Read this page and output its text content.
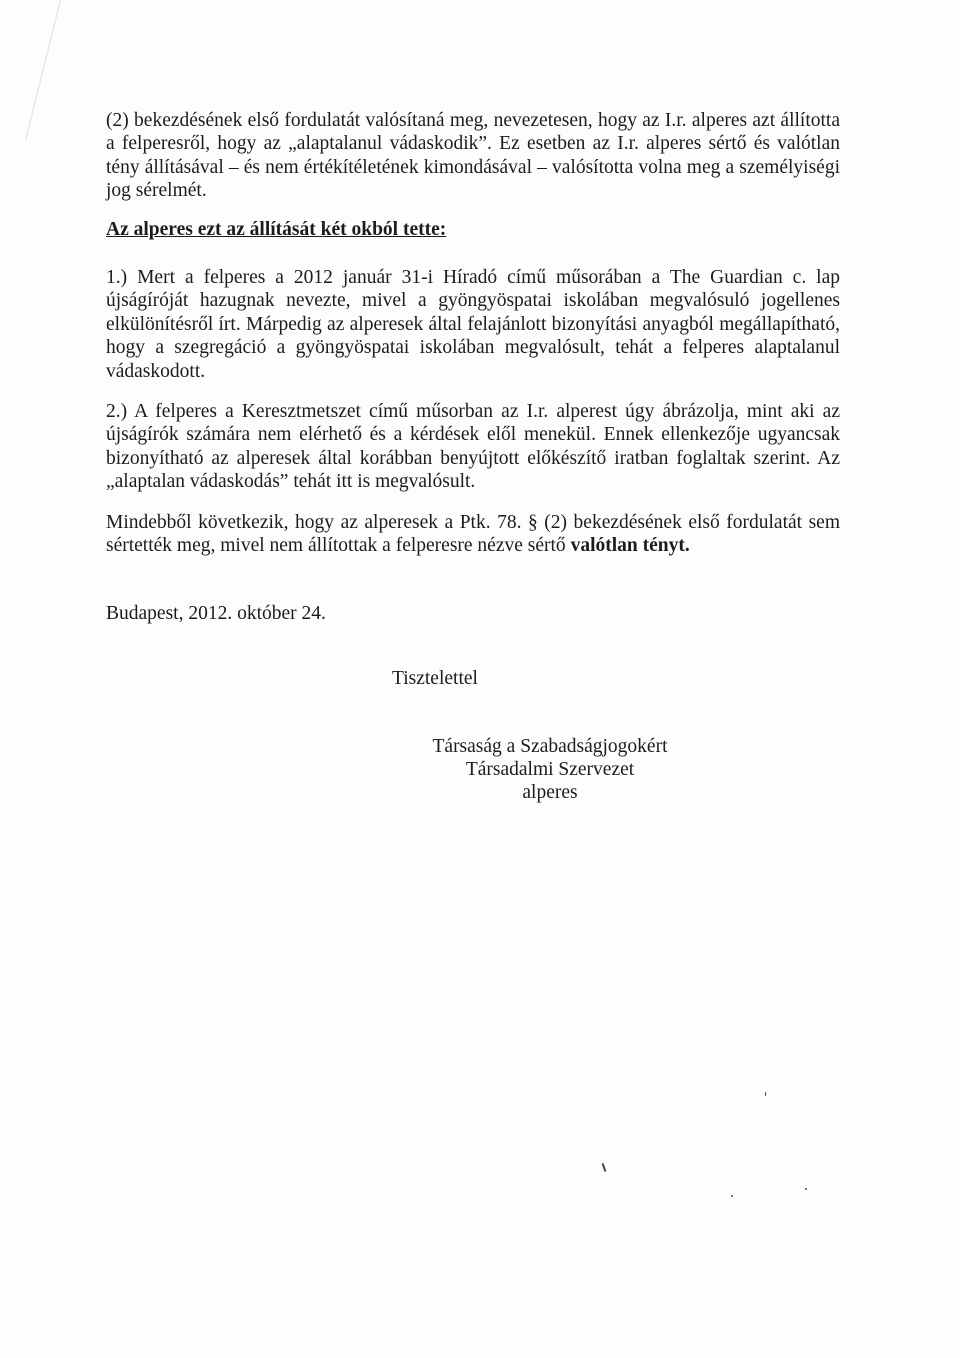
(2) bekezdésének első fordulatát valósítaná meg, nevezetesen, hogy az I.r. alperes azt állította a felperesről, hogy az „alaptalanul vádaskodik”. Ez esetben az I.r. alperes sértő és valótlan tény állításával – és nem értékítéletének kimondásával – valósította volna meg a személyiségi jog sérelmét.

Az alperes ezt az állítását két okból tette:

1.) Mert a felperes a 2012 január 31-i Híradó című műsorában a The Guardian c. lap újságíróját hazugnak nevezte, mivel a gyöngyöspatai iskolában megvalósuló jogellenes elkülönítésről írt. Márpedig az alperesek által felajánlott bizonyítási anyagból megállapítható, hogy a szegregáció a gyöngyöspatai iskolában megvalósult, tehát a felperes alaptalanul vádaskodott.

2.) A felperes a Keresztmetszet című műsorban az I.r. alperest úgy ábrázolja, mint aki az újságírók számára nem elérhető és a kérdések elől menekül. Ennek ellenkezője ugyancsak bizonyítható az alperesek által korábban benyújtott előkészítő iratban foglaltak szerint. Az „alaptalan vádaskodás” tehát itt is megvalósult.

Mindebből következik, hogy az alperesek a Ptk. 78. § (2) bekezdésének első fordulatát sem sértették meg, mivel nem állítottak a felperesre nézve sértő valótlan tényt.

Budapest, 2012. október 24.

Tisztelettel

Társaság a Szabadságjogokért

Társadalmi Szervezet

alperes
